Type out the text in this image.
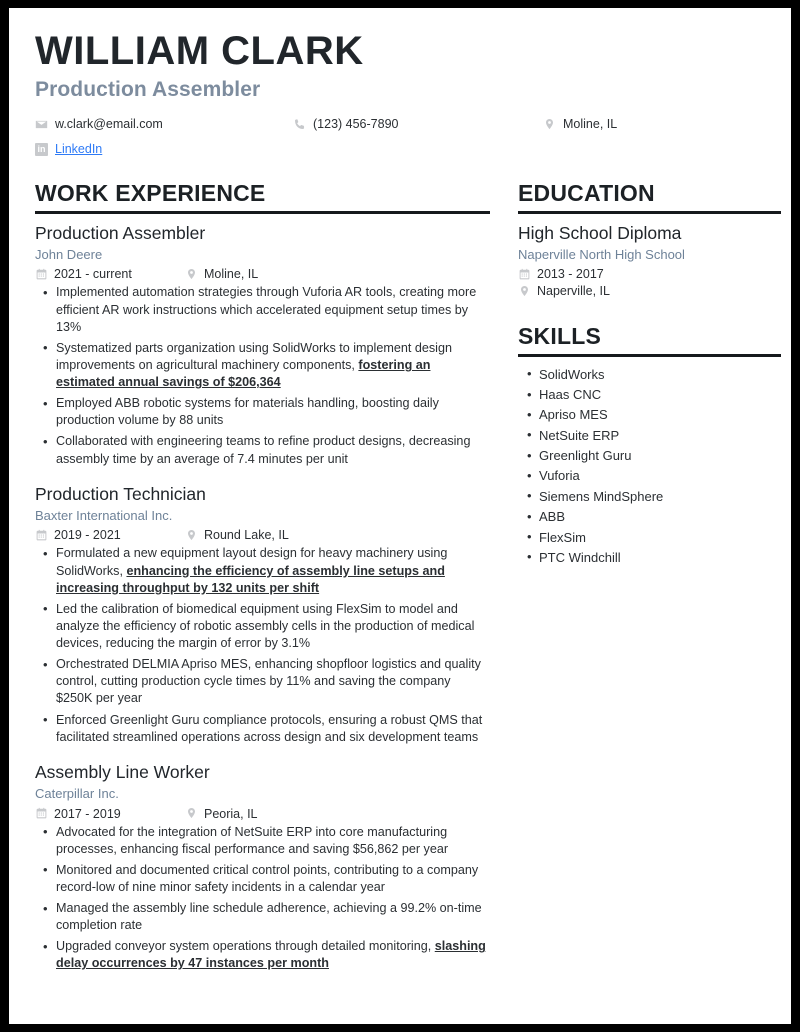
WILLIAM CLARK
Production Assembler
w.clark@email.com	(123) 456-7890	Moline, IL
in LinkedIn
WORK EXPERIENCE
Production Assembler
John Deere
2021 - current	Moline, IL
• Implemented automation strategies through Vuforia AR tools, creating more efficient AR work instructions which accelerated equipment setup times by 13%
• Systematized parts organization using SolidWorks to implement design improvements on agricultural machinery components, fostering an estimated annual savings of $206,364
• Employed ABB robotic systems for materials handling, boosting daily production volume by 88 units
• Collaborated with engineering teams to refine product designs, decreasing assembly time by an average of 7.4 minutes per unit
Production Technician
Baxter International Inc.
2019 - 2021	Round Lake, IL
• Formulated a new equipment layout design for heavy machinery using SolidWorks, enhancing the efficiency of assembly line setups and increasing throughput by 132 units per shift
• Led the calibration of biomedical equipment using FlexSim to model and analyze the efficiency of robotic assembly cells in the production of medical devices, reducing the margin of error by 3.1%
• Orchestrated DELMIA Apriso MES, enhancing shopfloor logistics and quality control, cutting production cycle times by 11% and saving the company $250K per year
• Enforced Greenlight Guru compliance protocols, ensuring a robust QMS that facilitated streamlined operations across design and six development teams
Assembly Line Worker
Caterpillar Inc.
2017 - 2019	Peoria, IL
• Advocated for the integration of NetSuite ERP into core manufacturing processes, enhancing fiscal performance and saving $56,862 per year
• Monitored and documented critical control points, contributing to a company record-low of nine minor safety incidents in a calendar year
• Managed the assembly line schedule adherence, achieving a 99.2% on-time completion rate
• Upgraded conveyor system operations through detailed monitoring, slashing delay occurrences by 47 instances per month
EDUCATION
High School Diploma
Naperville North High School
2013 - 2017
Naperville, IL
SKILLS
• SolidWorks
• Haas CNC
• Apriso MES
• NetSuite ERP
• Greenlight Guru
• Vuforia
• Siemens MindSphere
• ABB
• FlexSim
• PTC Windchill
